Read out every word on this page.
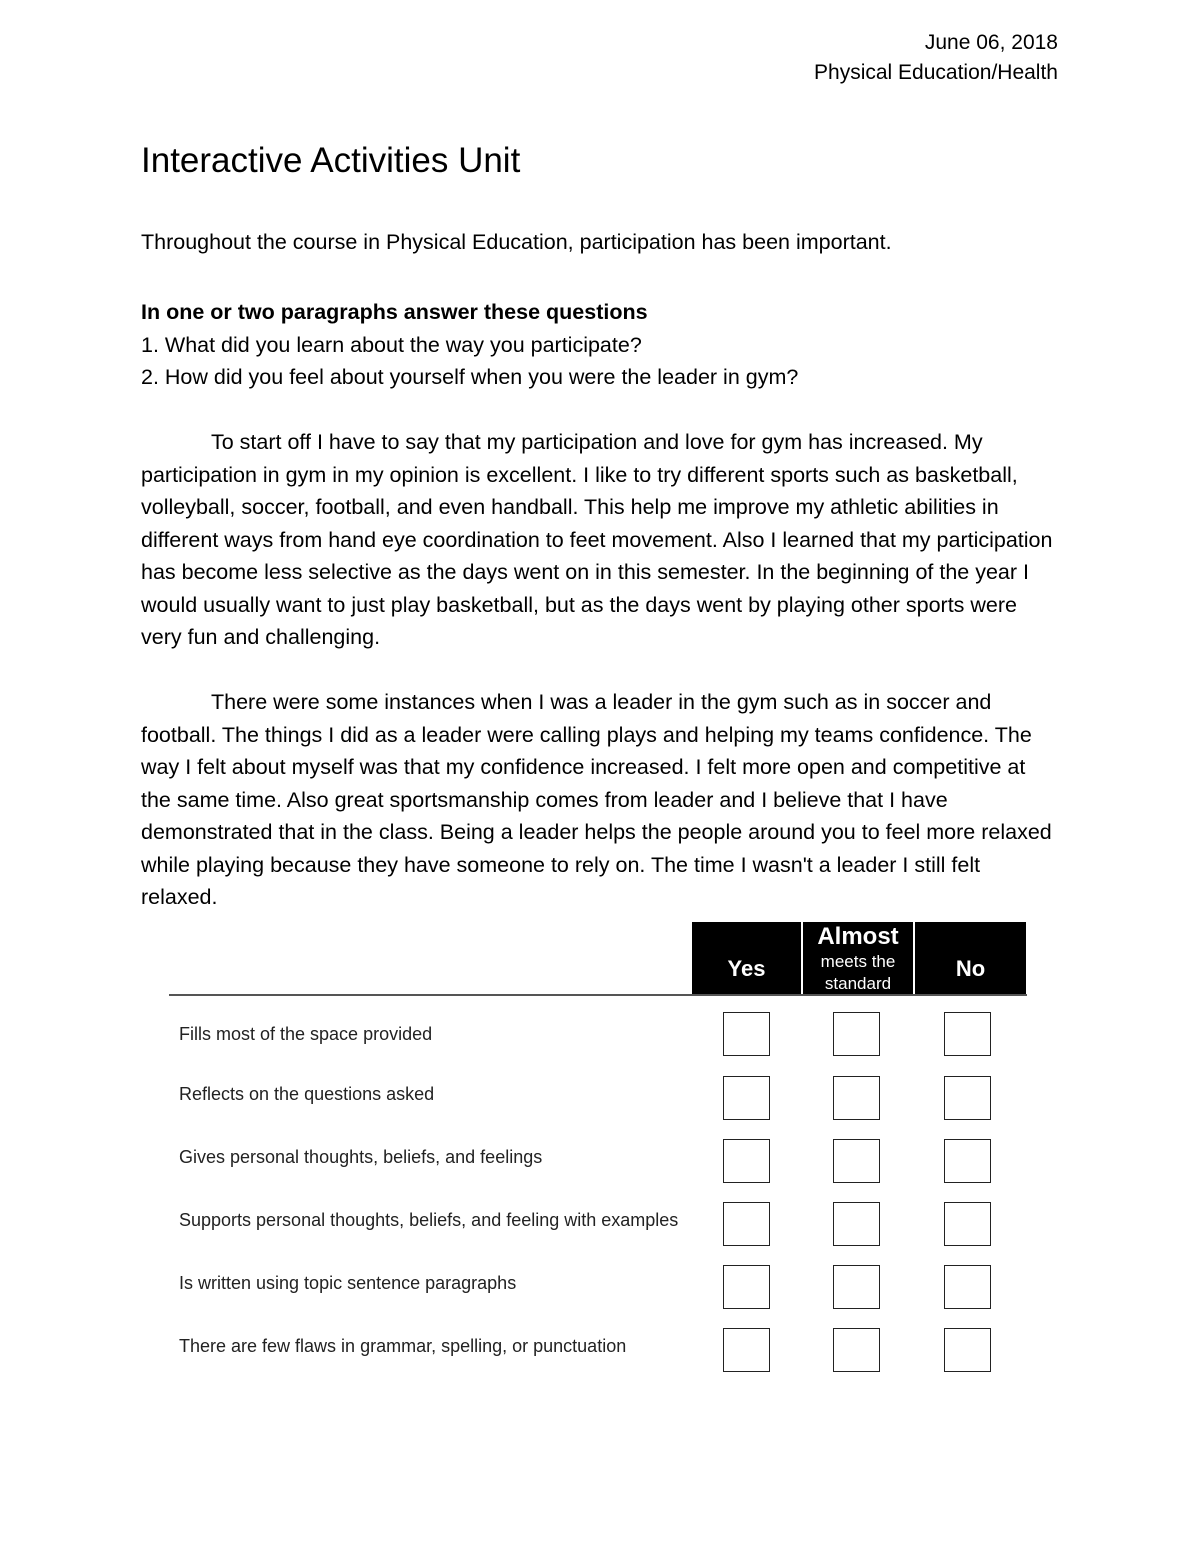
June 06, 2018
Physical Education/Health
Interactive Activities Unit

Throughout the course in Physical Education, participation has been important.

In one or two paragraphs answer these questions
1. What did you learn about the way you participate?
2. How did you feel about yourself when you were the leader in gym?

To start off I have to say that my participation and love for gym has increased. My participation in gym in my opinion is excellent. I like to try different sports such as basketball, volleyball, soccer, football, and even handball. This help me improve my athletic abilities in different ways from hand eye coordination to feet movement. Also I learned that my participation has become less selective as the days went on in this semester. In the beginning of the year I would usually want to just play basketball, but as the days went by playing other sports were very fun and challenging.

There were some instances when I was a leader in the gym such as in soccer and football. The things I did as a leader were calling plays and helping my teams confidence. The way I felt about myself was that my confidence increased. I felt more open and competitive at the same time. Also great sportsmanship comes from leader and I believe that I have demonstrated that in the class. Being a leader helps the people around you to feel more relaxed while playing because they have someone to rely on. The time I wasn't a leader I still felt relaxed.

Yes
Almost
meets the standard
No
Fills most of the space provided
Reflects on the questions asked
Gives personal thoughts, beliefs, and feelings
Supports personal thoughts, beliefs, and feeling with examples
Is written using topic sentence paragraphs
There are few flaws in grammar, spelling, or punctuation
